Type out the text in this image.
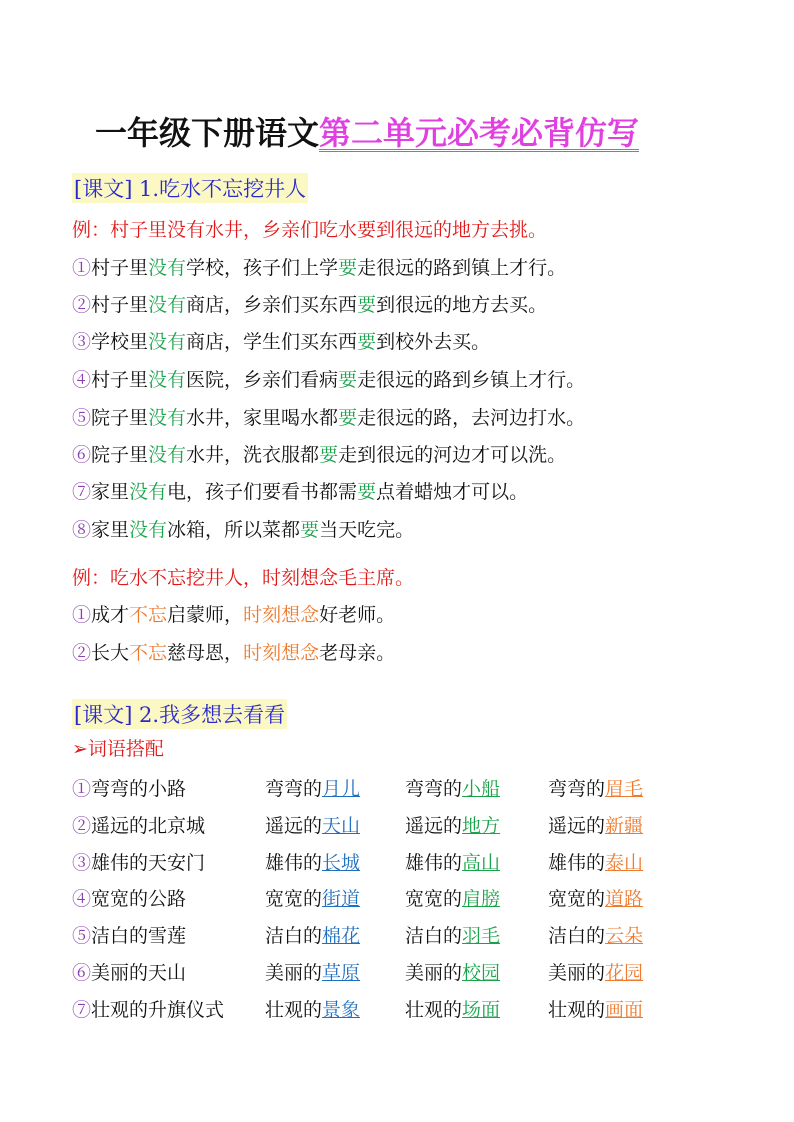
一年级下册语文第二单元必考必背仿写
[课文] 1.吃水不忘挖井人
例：村子里没有水井，乡亲们吃水要到很远的地方去挑。
①村子里没有学校，孩子们上学要走很远的路到镇上才行。
②村子里没有商店，乡亲们买东西要到很远的地方去买。
③学校里没有商店，学生们买东西要到校外去买。
④村子里没有医院，乡亲们看病要走很远的路到乡镇上才行。
⑤院子里没有水井，家里喝水都要走很远的路，去河边打水。
⑥院子里没有水井，洗衣服都要走到很远的河边才可以洗。
⑦家里没有电，孩子们要看书都需要点着蜡烛才可以。
⑧家里没有冰箱，所以菜都要当天吃完。
例：吃水不忘挖井人，时刻想念毛主席。
①成才不忘启蒙师，时刻想念好老师。
②长大不忘慈母恩，时刻想念老母亲。
[课文] 2.我多想去看看
➢词语搭配
①弯弯的小路	弯弯的月儿 弯弯的小船	弯弯的眉毛
②遥远的北京城	遥远的天山 遥远的地方	遥远的新疆
③雄伟的天安门	雄伟的长城 雄伟的高山	雄伟的泰山
④宽宽的公路	宽宽的街道 宽宽的肩膀	宽宽的道路
⑤洁白的雪莲	洁白的棉花 洁白的羽毛	洁白的云朵
⑥美丽的天山	美丽的草原 美丽的校园	美丽的花园
⑦壮观的升旗仪式 壮观的景象 壮观的场面	壮观的画面
